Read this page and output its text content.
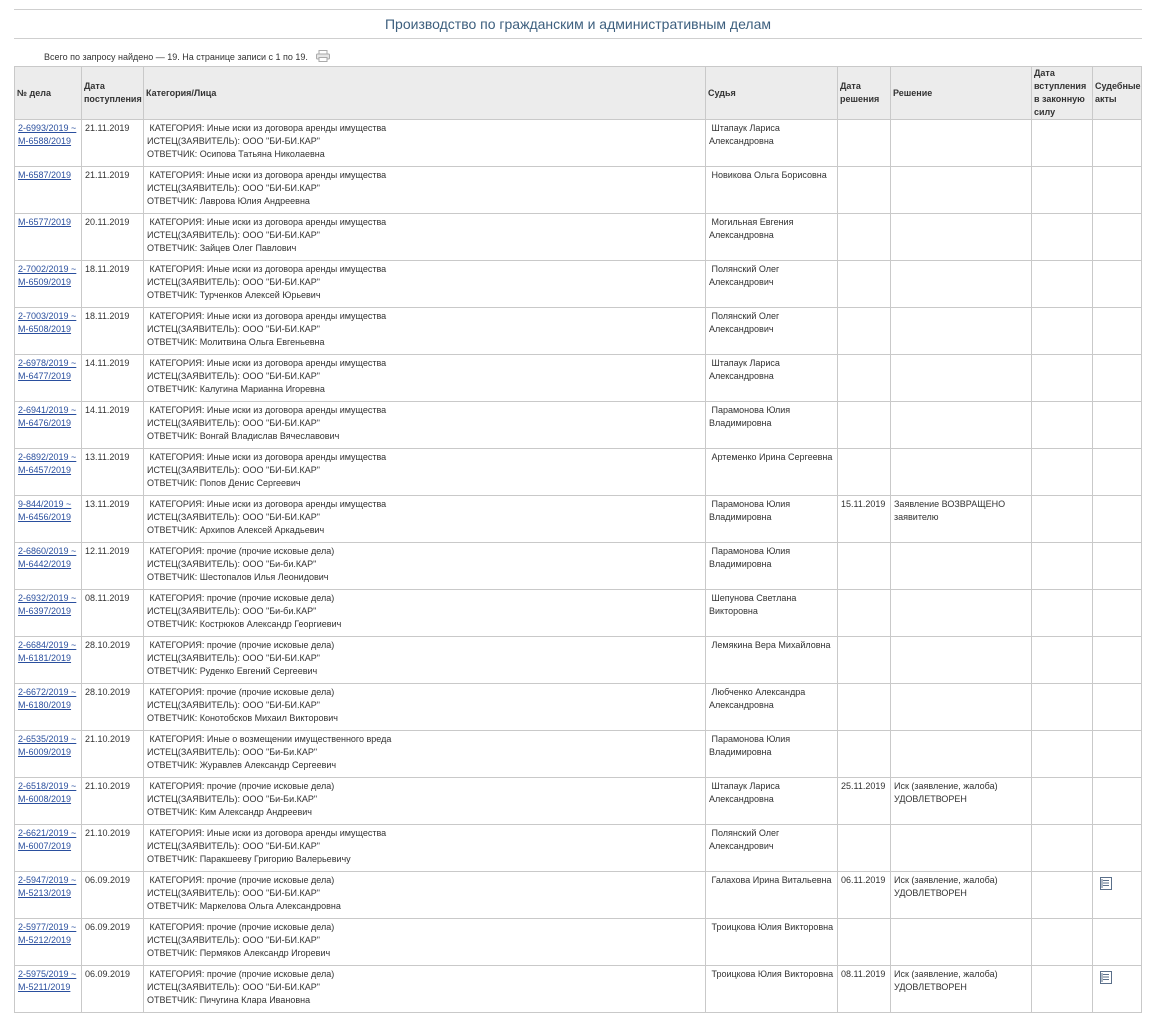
Производство по гражданским и административным делам
Всего по запросу найдено — 19. На странице записи с 1 по 19.
№ дела	Дата
поступления	Категория/Лица	Судья	Дата
решения	Решение	Дата
вступления
в законную
силу	Судебные
акты

2-6993/2019 ~
М-6588/2019	21.11.2019	КАТЕГОРИЯ: Иные иски из договора аренды имущества
ИСТЕЦ(ЗАЯВИТЕЛЬ): ООО "БИ-БИ.КАР"
ОТВЕТЧИК: Осипова Татьяна Николаевна	Штапаук Лариса
Александровна				

М-6587/2019	21.11.2019	КАТЕГОРИЯ: Иные иски из договора аренды имущества
ИСТЕЦ(ЗАЯВИТЕЛЬ): ООО "БИ-БИ.КАР"
ОТВЕТЧИК: Лаврова Юлия Андреевна	Новикова Ольга Борисовна				

М-6577/2019	20.11.2019	КАТЕГОРИЯ: Иные иски из договора аренды имущества
ИСТЕЦ(ЗАЯВИТЕЛЬ): ООО "БИ-БИ.КАР"
ОТВЕТЧИК: Зайцев Олег Павлович	Могильная Евгения
Александровна				

2-7002/2019 ~
М-6509/2019	18.11.2019	КАТЕГОРИЯ: Иные иски из договора аренды имущества
ИСТЕЦ(ЗАЯВИТЕЛЬ): ООО "БИ-БИ.КАР"
ОТВЕТЧИК: Турченков Алексей Юрьевич	Полянский Олег
Александрович				

2-7003/2019 ~
М-6508/2019	18.11.2019	КАТЕГОРИЯ: Иные иски из договора аренды имущества
ИСТЕЦ(ЗАЯВИТЕЛЬ): ООО "БИ-БИ.КАР"
ОТВЕТЧИК: Молитвина Ольга Евгеньевна	Полянский Олег
Александрович				

2-6978/2019 ~
М-6477/2019	14.11.2019	КАТЕГОРИЯ: Иные иски из договора аренды имущества
ИСТЕЦ(ЗАЯВИТЕЛЬ): ООО "БИ-БИ.КАР"
ОТВЕТЧИК: Калугина Марианна Игоревна	Штапаук Лариса
Александровна				

2-6941/2019 ~
М-6476/2019	14.11.2019	КАТЕГОРИЯ: Иные иски из договора аренды имущества
ИСТЕЦ(ЗАЯВИТЕЛЬ): ООО "БИ-БИ.КАР"
ОТВЕТЧИК: Вонгай Владислав Вячеславович	Парамонова Юлия
Владимировна				

2-6892/2019 ~
М-6457/2019	13.11.2019	КАТЕГОРИЯ: Иные иски из договора аренды имущества
ИСТЕЦ(ЗАЯВИТЕЛЬ): ООО "БИ-БИ.КАР"
ОТВЕТЧИК: Попов Денис Сергеевич	Артеменко Ирина Сергеевна				

9-844/2019 ~
М-6456/2019	13.11.2019	КАТЕГОРИЯ: Иные иски из договора аренды имущества
ИСТЕЦ(ЗАЯВИТЕЛЬ): ООО "БИ-БИ.КАР"
ОТВЕТЧИК: Архипов Алексей Аркадьевич	Парамонова Юлия
Владимировна	15.11.2019	Заявление ВОЗВРАЩЕНО
заявителю		

2-6860/2019 ~
М-6442/2019	12.11.2019	КАТЕГОРИЯ: прочие (прочие исковые дела)
ИСТЕЦ(ЗАЯВИТЕЛЬ): ООО "Би-би.КАР"
ОТВЕТЧИК: Шестопалов Илья Леонидович	Парамонова Юлия
Владимировна				

2-6932/2019 ~
М-6397/2019	08.11.2019	КАТЕГОРИЯ: прочие (прочие исковые дела)
ИСТЕЦ(ЗАЯВИТЕЛЬ): ООО "Би-би.КАР"
ОТВЕТЧИК: Кострюков Александр Георгиевич	Шепунова Светлана
Викторовна				

2-6684/2019 ~
М-6181/2019	28.10.2019	КАТЕГОРИЯ: прочие (прочие исковые дела)
ИСТЕЦ(ЗАЯВИТЕЛЬ): ООО "БИ-БИ.КАР"
ОТВЕТЧИК: Руденко Евгений Сергеевич	Лемякина Вера Михайловна				

2-6672/2019 ~
М-6180/2019	28.10.2019	КАТЕГОРИЯ: прочие (прочие исковые дела)
ИСТЕЦ(ЗАЯВИТЕЛЬ): ООО "БИ-БИ.КАР"
ОТВЕТЧИК: Конотобсков Михаил Викторович	Любченко Александра
Александровна				

2-6535/2019 ~
М-6009/2019	21.10.2019	КАТЕГОРИЯ: Иные о возмещении имущественного вреда
ИСТЕЦ(ЗАЯВИТЕЛЬ): ООО "Би-Би.КАР"
ОТВЕТЧИК: Журавлев Александр Сергеевич	Парамонова Юлия
Владимировна				

2-6518/2019 ~
М-6008/2019	21.10.2019	КАТЕГОРИЯ: прочие (прочие исковые дела)
ИСТЕЦ(ЗАЯВИТЕЛЬ): ООО "Би-Би.КАР"
ОТВЕТЧИК: Ким Александр Андреевич	Штапаук Лариса
Александровна	25.11.2019	Иск (заявление, жалоба)
УДОВЛЕТВОРЕН		

2-6621/2019 ~
М-6007/2019	21.10.2019	КАТЕГОРИЯ: Иные иски из договора аренды имущества
ИСТЕЦ(ЗАЯВИТЕЛЬ): ООО "БИ-БИ.КАР"
ОТВЕТЧИК: Паракшееву Григорию Валерьевичу	Полянский Олег
Александрович				

2-5947/2019 ~
М-5213/2019	06.09.2019	КАТЕГОРИЯ: прочие (прочие исковые дела)
ИСТЕЦ(ЗАЯВИТЕЛЬ): ООО "БИ-БИ.КАР"
ОТВЕТЧИК: Маркелова Ольга Александровна	Галахова Ирина Витальевна	06.11.2019	Иск (заявление, жалоба)
УДОВЛЕТВОРЕН

2-5977/2019 ~
М-5212/2019	06.09.2019	КАТЕГОРИЯ: прочие (прочие исковые дела)
ИСТЕЦ(ЗАЯВИТЕЛЬ): ООО "БИ-БИ.КАР"
ОТВЕТЧИК: Пермяков Александр Игоревич	Троицкова Юлия Викторовна				

2-5975/2019 ~
М-5211/2019	06.09.2019	КАТЕГОРИЯ: прочие (прочие исковые дела)
ИСТЕЦ(ЗАЯВИТЕЛЬ): ООО "БИ-БИ.КАР"
ОТВЕТЧИК: Пичугина Клара Ивановна	Троицкова Юлия Викторовна	08.11.2019	Иск (заявление, жалоба)
УДОВЛЕТВОРЕН
